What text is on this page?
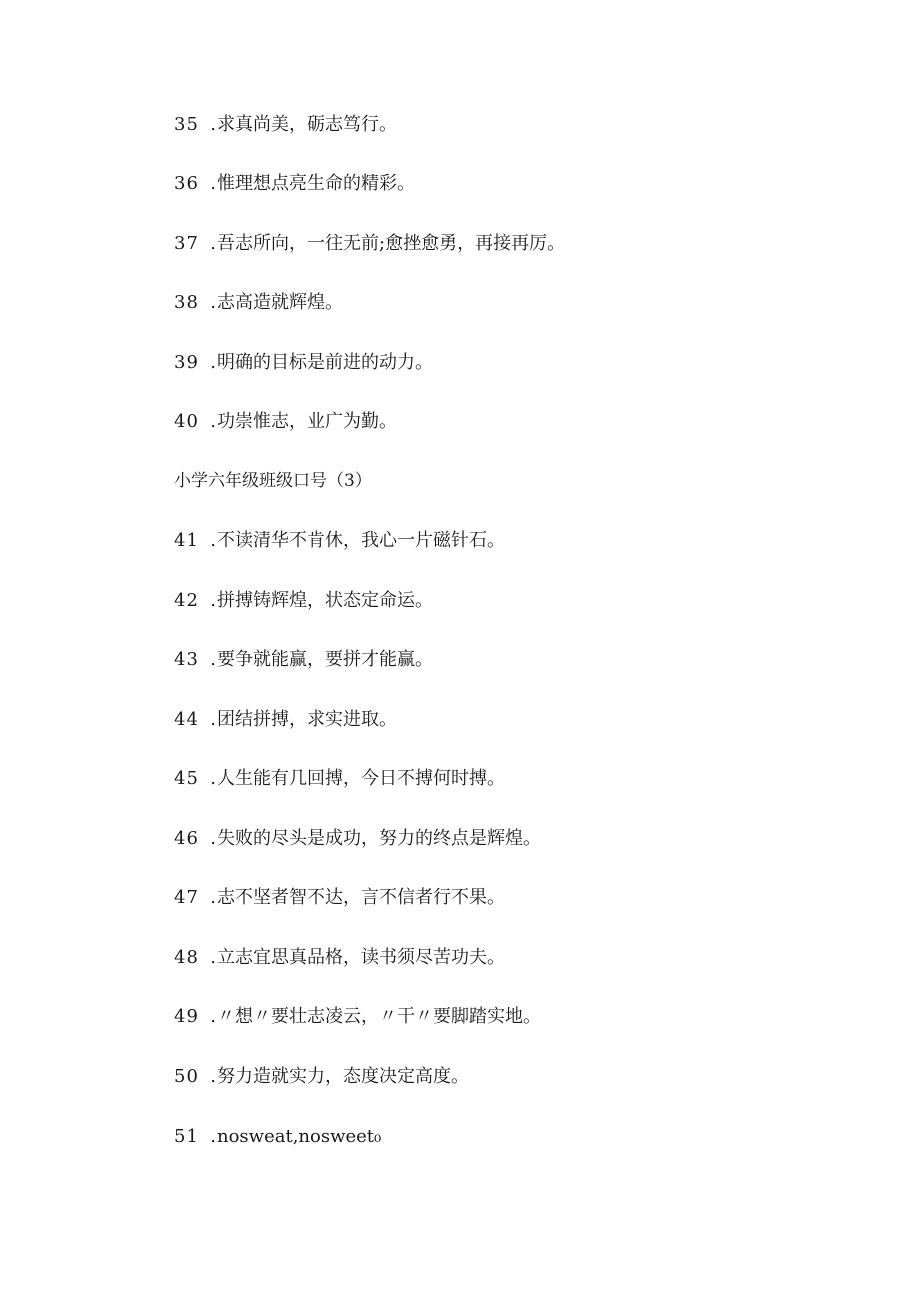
35 .求真尚美，砺志笃行。
36 .惟理想点亮生命的精彩。
37 .吾志所向，一往无前;愈挫愈勇，再接再厉。
38 .志高造就辉煌。
39 .明确的目标是前进的动力。
40 .功崇惟志，业广为勤。
小学六年级班级口号（3）
41 .不读清华不肯休，我心一片磁针石。
42 .拼搏铸辉煌，状态定命运。
43 .要争就能赢，要拼才能赢。
44 .团结拼搏，求实进取。
45 .人生能有几回搏，今日不搏何时搏。
46 .失败的尽头是成功，努力的终点是辉煌。
47 .志不坚者智不达，言不信者行不果。
48 .立志宜思真品格，读书须尽苦功夫。
49 .〃想〃要壮志凌云，〃干〃要脚踏实地。
50 .努力造就实力，态度决定高度。
51 .nosweat,nosweet₀
